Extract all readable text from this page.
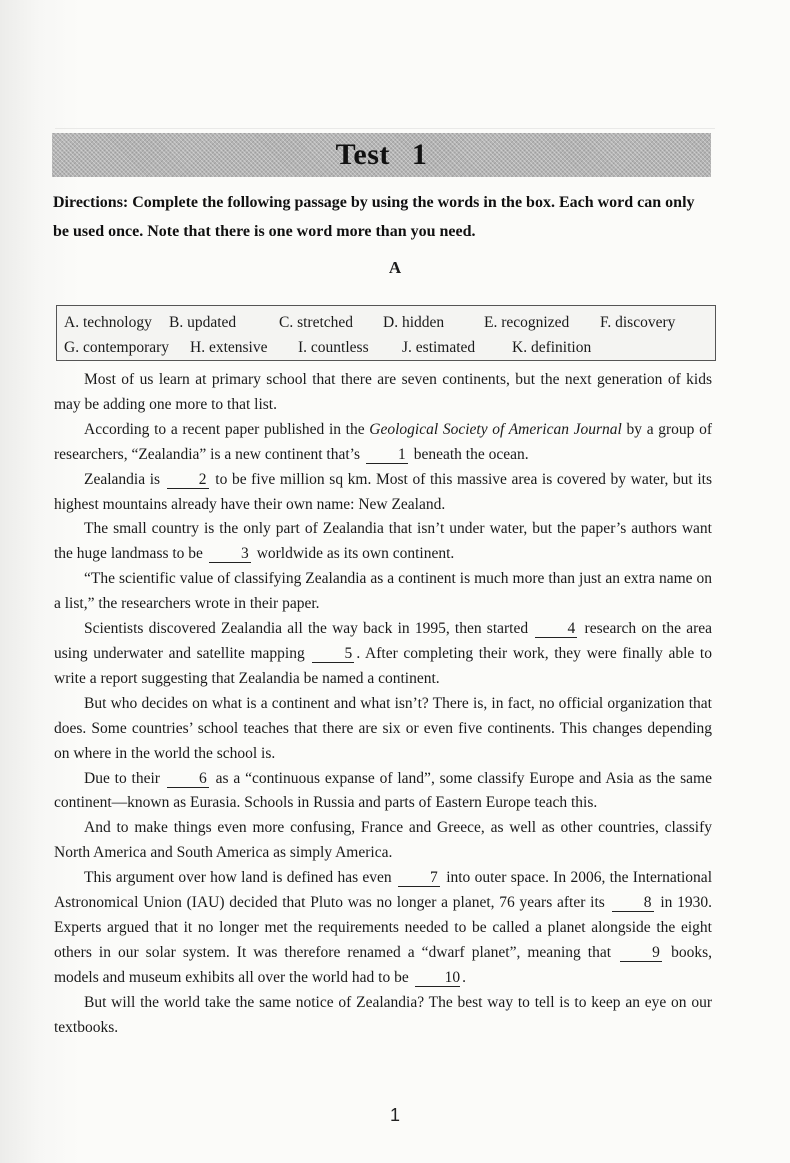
Test 1
Directions: Complete the following passage by using the words in the box. Each word can only be used once. Note that there is one word more than you need.
A
A. technology	B. updated	C. stretched	D. hidden	E. recognized	F. discovery
G. contemporary	H. extensive	I. countless	J. estimated	K. definition

Most of us learn at primary school that there are seven continents, but the next generation of kids may be adding one more to that list.

According to a recent paper published in the Geological Society of American Journal by a group of researchers, “Zealandia” is a new continent that’s 1 beneath the ocean.

Zealandia is 2 to be five million sq km. Most of this massive area is covered by water, but its highest mountains already have their own name: New Zealand.

The small country is the only part of Zealandia that isn’t under water, but the paper’s authors want the huge landmass to be 3 worldwide as its own continent.

“The scientific value of classifying Zealandia as a continent is much more than just an extra name on a list,” the researchers wrote in their paper.

Scientists discovered Zealandia all the way back in 1995, then started 4 research on the area using underwater and satellite mapping 5 . After completing their work, they were finally able to write a report suggesting that Zealandia be named a continent.

But who decides on what is a continent and what isn’t? There is, in fact, no official organization that does. Some countries’ school teaches that there are six or even five continents. This changes depending on where in the world the school is.

Due to their 6 as a “continuous expanse of land”, some classify Europe and Asia as the same continent—known as Eurasia. Schools in Russia and parts of Eastern Europe teach this.

And to make things even more confusing, France and Greece, as well as other countries, classify North America and South America as simply America.

This argument over how land is defined has even 7 into outer space. In 2006, the International Astronomical Union (IAU) decided that Pluto was no longer a planet, 76 years after its 8 in 1930. Experts argued that it no longer met the requirements needed to be called a planet alongside the eight others in our solar system. It was therefore renamed a “dwarf planet”, meaning that 9 books, models and museum exhibits all over the world had to be 10 .

But will the world take the same notice of Zealandia? The best way to tell is to keep an eye on our textbooks.

1
